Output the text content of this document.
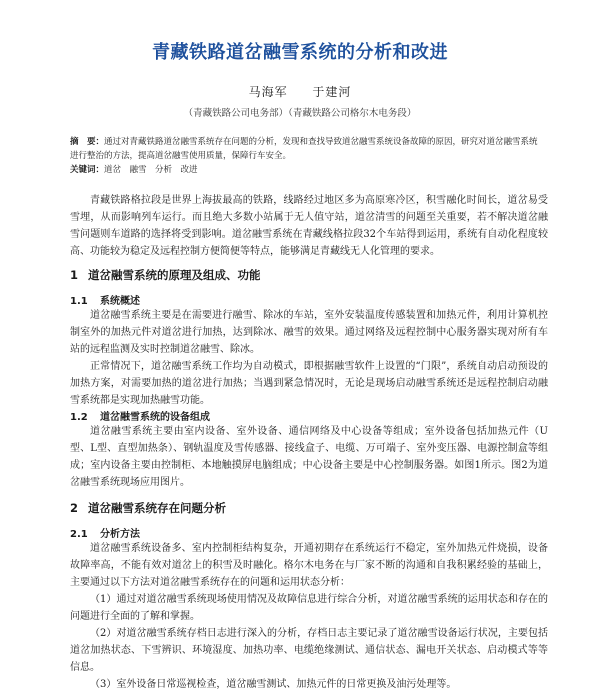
青藏铁路道岔融雪系统的分析和改进
马海军 于建河
（青藏铁路公司电务部）（青藏铁路公司格尔木电务段）

摘　要：通过对青藏铁路道岔融雪系统存在问题的分析，发现和查找导致道岔融雪系统设备故障的原因，研究对道岔融雪系统进行整治的方法，提高道岔融雪使用质量，保障行车安全。

关键词：道岔　融雪　分析　改进

青藏铁路格拉段是世界上海拔最高的铁路，线路经过地区多为高原寒冷区，积雪融化时间长，道岔易受雪埋，从而影响列车运行。而且绝大多数小站属于无人值守站，道岔清雪的问题至关重要，若不解决道岔融雪问题则车道路的选择将受到影响。道岔融雪系统在青藏线格拉段32个车站得到运用，系统有自动化程度较高、功能较为稳定及远程控制方便简便等特点，能够满足青藏线无人化管理的要求。

1 道岔融雪系统的原理及组成、功能
1.1 系统概述

道岔融雪系统主要是在需要进行融雪、除冰的车站，室外安装温度传感装置和加热元件，利用计算机控制室外的加热元件对道岔进行加热，达到除冰、融雪的效果。通过网络及远程控制中心服务器实现对所有车站的远程监测及实时控制道岔融雪、除冰。

正常情况下，道岔融雪系统工作均为自动模式，即根据融雪软件上设置的“门限”，系统自动启动预设的加热方案，对需要加热的道岔进行加热；当遇到紧急情况时，无论是现场启动融雪系统还是远程控制启动融雪系统都是实现加热融雪功能。

1.2 道岔融雪系统的设备组成

道岔融雪系统主要由室内设备、室外设备、通信网络及中心设备等组成；室外设备包括加热元件（U型、L型、直型加热条）、钢轨温度及雪传感器、接线盒子、电缆、万可端子、室外变压器、电源控制盒等组成；室内设备主要由控制柜、本地触摸屏电脑组成；中心设备主要是中心控制服务器。如图1所示。图2为道岔融雪系统现场应用图片。

2 道岔融雪系统存在问题分析
2.1 分析方法

道岔融雪系统设备多、室内控制柜结构复杂，开通初期存在系统运行不稳定，室外加热元件烧损，设备故障率高，不能有效对道岔上的积雪及时融化。格尔木电务在与厂家不断的沟通和自我积累经验的基础上，主要通过以下方法对道岔融雪系统存在的问题和运用状态分析：

（1）通过对道岔融雪系统现场使用情况及故障信息进行综合分析，对道岔融雪系统的运用状态和存在的问题进行全面的了解和掌握。

（2）对道岔融雪系统存档日志进行深入的分析，存档日志主要记录了道岔融雪设备运行状况，主要包括道岔加热状态、下雪辨识、环境湿度、加热功率、电缆绝缘测试、通信状态、漏电开关状态、启动模式等等信息。

（3）室外设备日常巡视检查，道岔融雪测试、加热元件的日常更换及油污处理等。
